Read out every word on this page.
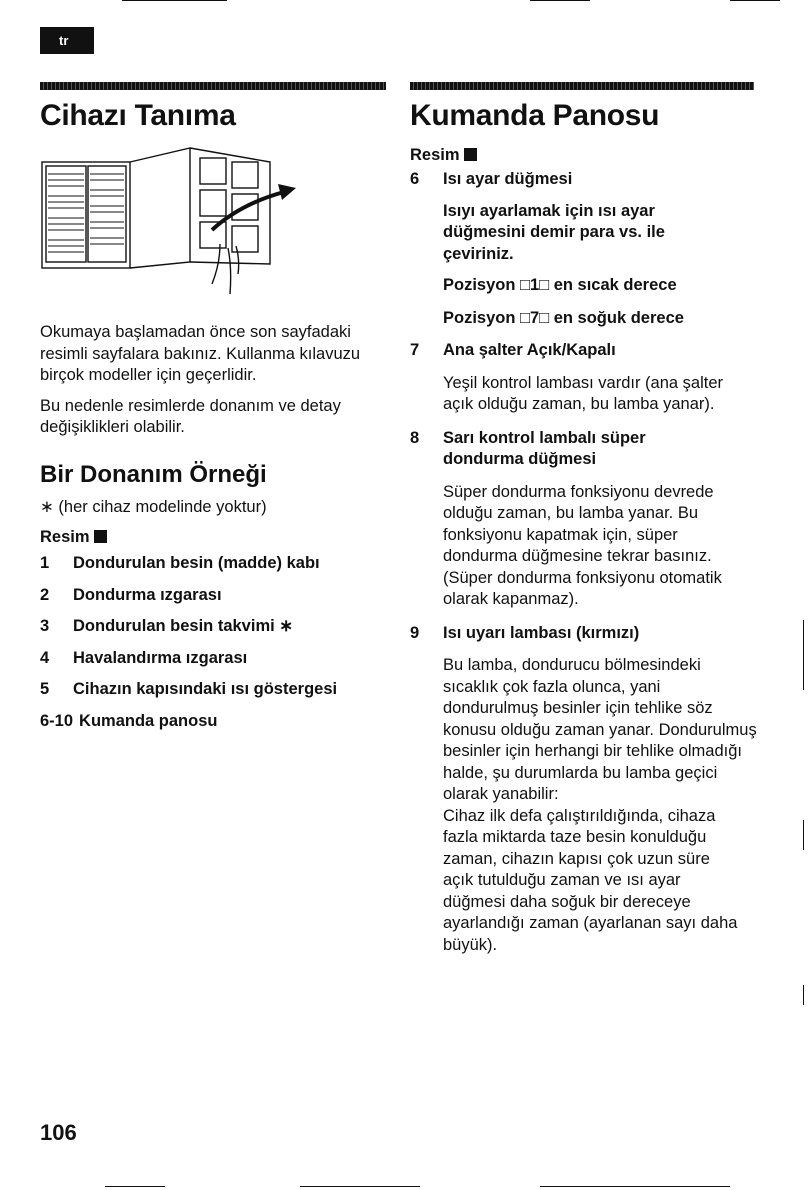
tr
Cihazı Tanıma

Okumaya başlamadan önce son sayfadaki resimli sayfalara bakınız. Kullanma kılavuzu birçok modeller için geçerlidir.

Bu nedenle resimlerde donanım ve detay değişiklikleri olabilir.

Bir Donanım Örneği

∗ (her cihaz modelinde yoktur)

Resim
1	Dondurulan besin (madde) kabı
2	Dondurma ızgarası
3	Dondurulan besin takvimi ∗
4	Havalandırma ızgarası
5	Cihazın kapısındaki ısı göstergesi
6-10 Kumanda panosu
Kumanda Panosu
Resim
6	Isı ayar düğmesi
Isıyı ayarlamak için ısı ayar düğmesini demir para vs. ile çeviriniz.
Pozisyon □1□ en sıcak derece
Pozisyon □7□ en soğuk derece
7	Ana şalter Açık/Kapalı

Yeşil kontrol lambası vardır (ana şalter açık olduğu zaman, bu lamba yanar).

8	Sarı kontrol lambalı süper dondurma düğmesi

Süper dondurma fonksiyonu devrede olduğu zaman, bu lamba yanar. Bu fonksiyonu kapatmak için, süper dondurma düğmesine tekrar basınız. (Süper dondurma fonksiyonu otomatik olarak kapanmaz).

9	Isı uyarı lambası (kırmızı)

Bu lamba, dondurucu bölmesindeki sıcaklık çok fazla olunca, yani dondurulmuş besinler için tehlike söz konusu olduğu zaman yanar. Dondurulmuş besinler için herhangi bir tehlike olmadığı halde, şu durumlarda bu lamba geçici olarak yanabilir:

Cihaz ilk defa çalıştırıldığında, cihaza fazla miktarda taze besin konulduğu zaman, cihazın kapısı çok uzun süre açık tutulduğu zaman ve ısı ayar düğmesi daha soğuk bir dereceye ayarlandığı zaman (ayarlanan sayı daha büyük).

106
